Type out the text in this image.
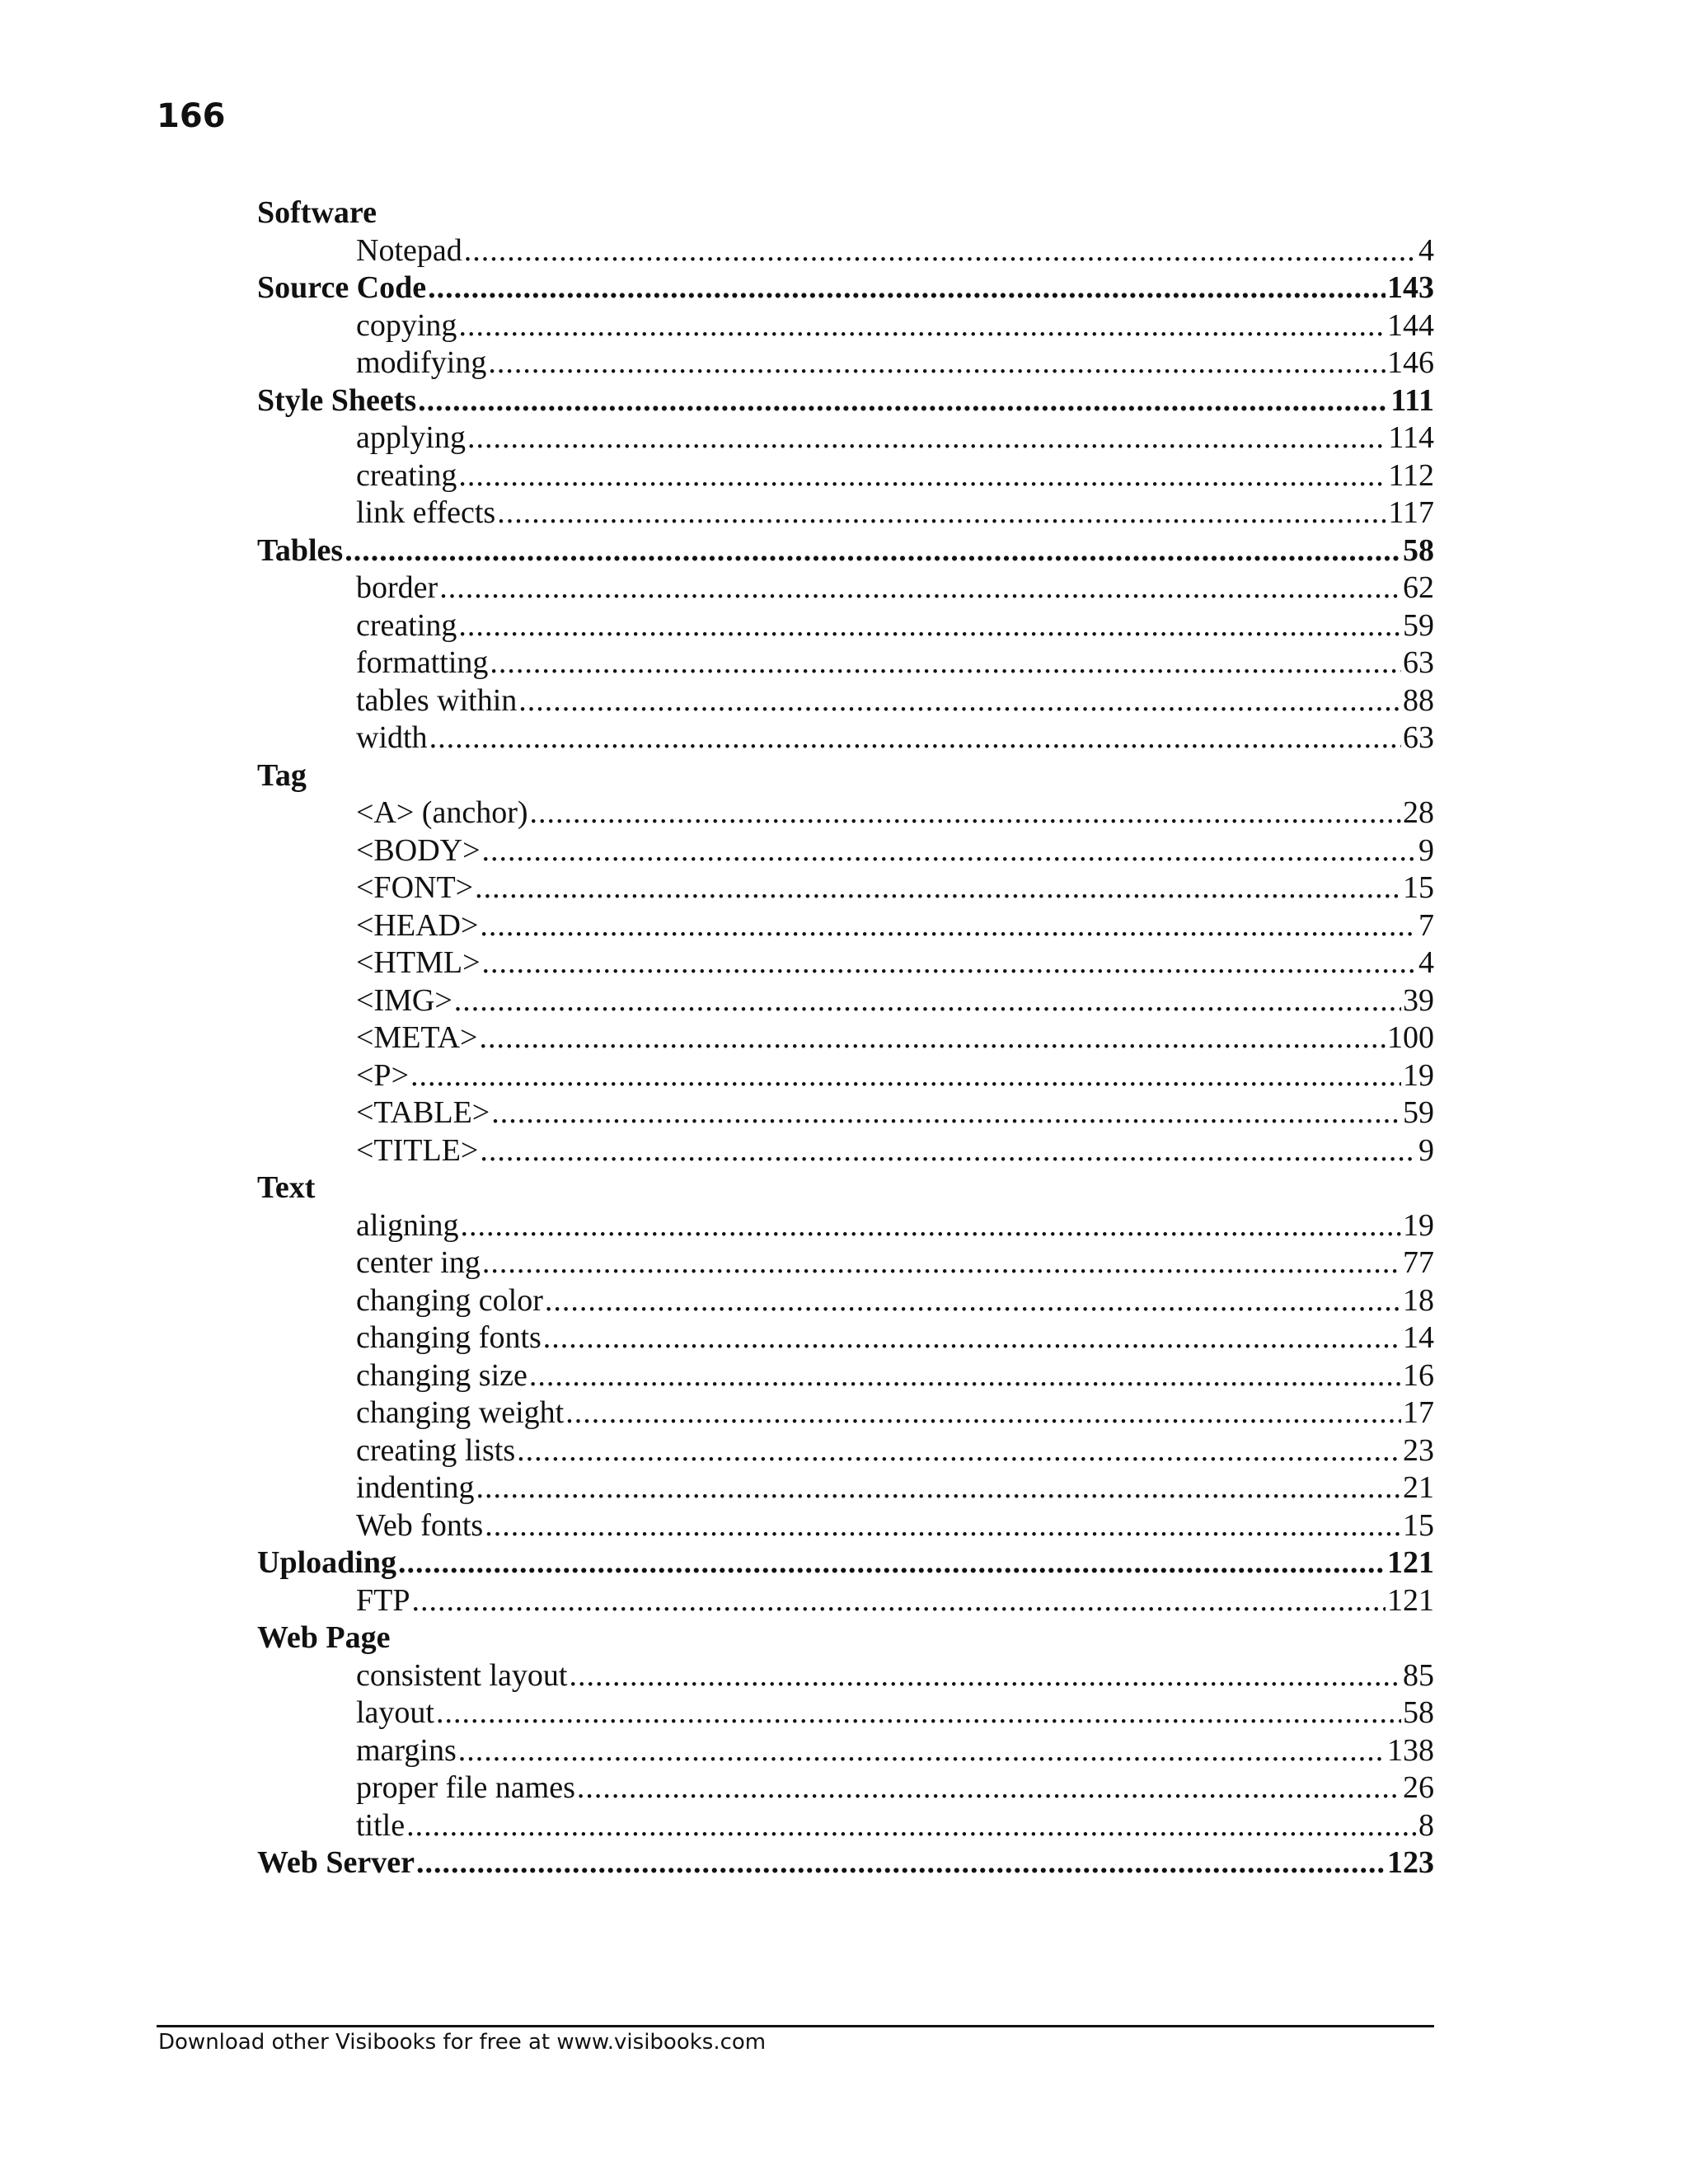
166
Software
Notepad .....	4
Source Code .....	143
copying .....	144
modifying .....	146
Style Sheets .....	111
applying .....	114
creating .....	112
link effects .....	117
Tables .....	58
border .....	62
creating .....	59
formatting .....	63
tables within .....	88
width .....	63
Tag
<A> (anchor) .....	28
<BODY> .....	9
<FONT> .....	15
<HEAD> .....	7
<HTML> .....	4
<IMG> .....	39
<META> .....	100
<P> .....	19
<TABLE> .....	59
<TITLE> .....	9
Text
aligning .....	19
center ing .....	77
changing color .....	18
changing fonts .....	14
changing size .....	16
changing weight .....	17
creating lists .....	23
indenting .....	21
Web fonts .....	15
Uploading .....	121
FTP .....	121
Web Page
consistent layout .....	85
layout .....	58
margins .....	138
proper file names .....	26
title .....	8
Web Server .....	123
Download other Visibooks for free at www.visibooks.com
